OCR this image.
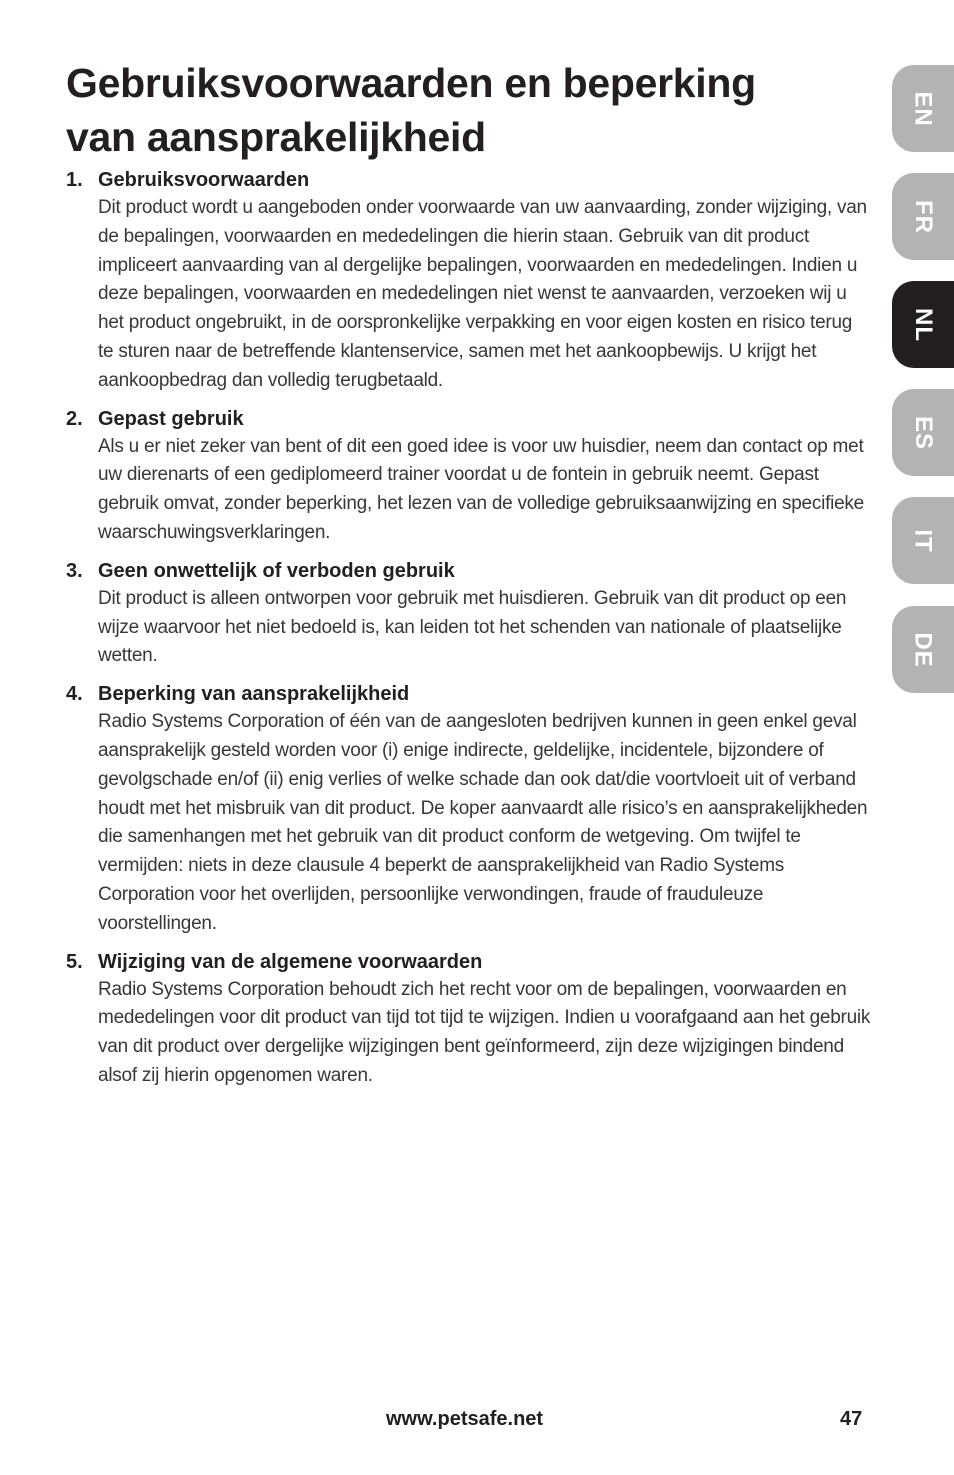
Gebruiksvoorwaarden en beperking
van aansprakelijkheid
1. Gebruiksvoorwaarden
Dit product wordt u aangeboden onder voorwaarde van uw aanvaarding, zonder wijziging, van de bepalingen, voorwaarden en mededelingen die hierin staan. Gebruik van dit product impliceert aanvaarding van al dergelijke bepalingen, voorwaarden en mededelingen. Indien u deze bepalingen, voorwaarden en mededelingen niet wenst te aanvaarden, verzoeken wij u het product ongebruikt, in de oorspronkelijke verpakking en voor eigen kosten en risico terug te sturen naar de betreffende klantenservice, samen met het aankoopbewijs. U krijgt het aankoopbedrag dan volledig terugbetaald.
2. Gepast gebruik
Als u er niet zeker van bent of dit een goed idee is voor uw huisdier, neem dan contact op met uw dierenarts of een gediplomeerd trainer voordat u de fontein in gebruik neemt. Gepast gebruik omvat, zonder beperking, het lezen van de volledige gebruiksaanwijzing en specifieke waarschuwingsverklaringen.
3. Geen onwettelijk of verboden gebruik
Dit product is alleen ontworpen voor gebruik met huisdieren. Gebruik van dit product op een wijze waarvoor het niet bedoeld is, kan leiden tot het schenden van nationale of plaatselijke wetten.
4. Beperking van aansprakelijkheid
Radio Systems Corporation of één van de aangesloten bedrijven kunnen in geen enkel geval aansprakelijk gesteld worden voor (i) enige indirecte, geldelijke, incidentele, bijzondere of gevolgschade en/of (ii) enig verlies of welke schade dan ook dat/die voortvloeit uit of verband houdt met het misbruik van dit product. De koper aanvaardt alle risico’s en aansprakelijkheden die samenhangen met het gebruik van dit product conform de wetgeving. Om twijfel te vermijden: niets in deze clausule 4 beperkt de aansprakelijkheid van Radio Systems Corporation voor het overlijden, persoonlijke verwondingen, fraude of frauduleuze voorstellingen.
5. Wijziging van de algemene voorwaarden
Radio Systems Corporation behoudt zich het recht voor om de bepalingen, voorwaarden en mededelingen voor dit product van tijd tot tijd te wijzigen. Indien u voorafgaand aan het gebruik van dit product over dergelijke wijzigingen bent geïnformeerd, zijn deze wijzigingen bindend alsof zij hierin opgenomen waren.
EN
FR
NL
ES
IT
DE
www.petsafe.net	47
